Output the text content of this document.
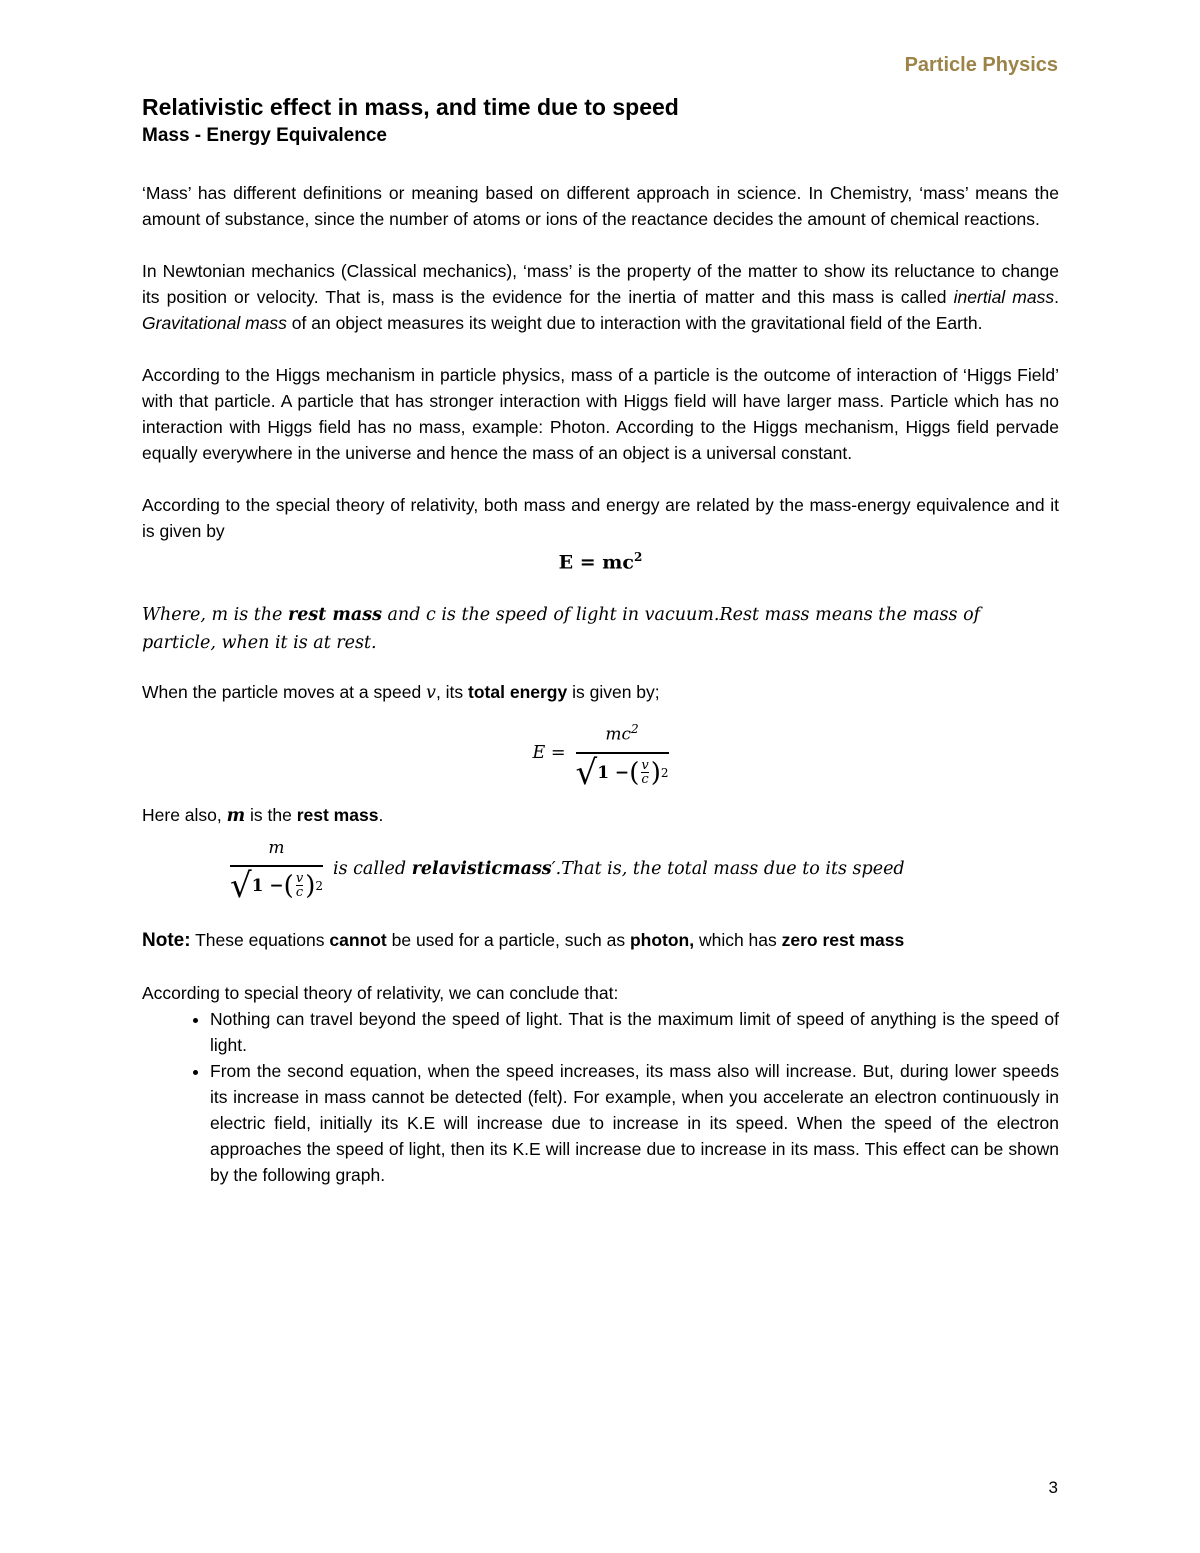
Particle Physics
Relativistic effect in mass, and time due to speed
Mass - Energy Equivalence

‘Mass’ has different definitions or meaning based on different approach in science. In Chemistry, ‘mass’ means the amount of substance, since the number of atoms or ions of the reactance decides the amount of chemical reactions.

In Newtonian mechanics (Classical mechanics), ‘mass’ is the property of the matter to show its reluctance to change its position or velocity. That is, mass is the evidence for the inertia of matter and this mass is called inertial mass. Gravitational mass of an object measures its weight due to interaction with the gravitational field of the Earth.

According to the Higgs mechanism in particle physics, mass of a particle is the outcome of interaction of ‘Higgs Field’ with that particle. A particle that has stronger interaction with Higgs field will have larger mass. Particle which has no interaction with Higgs field has no mass, example: Photon. According to the Higgs mechanism, Higgs field pervade equally everywhere in the universe and hence the mass of an object is a universal constant.

According to the special theory of relativity, both mass and energy are related by the mass-energy equivalence and it is given by

$E = mc^2$
Where, m is the rest mass and c is the speed of light in vacuum.Rest mass means the mass of particle, when it is at rest.

When the particle moves at a speed v, its total energy is given by;

$E = \frac{mc^2}{√ 1 - ( \frac{v}{c} ) 2}$

Here also, m is the rest mass.

$\frac{m}{√ 1 - ( \frac{v}{c} ) 2}$ is called relavisticmass′.That is, the total mass due to its speed

Note: These equations cannot be used for a particle, such as photon, which has zero rest mass

According to special theory of relativity, we can conclude that:

• Nothing can travel beyond the speed of light. That is the maximum limit of speed of anything is the speed of light.
• From the second equation, when the speed increases, its mass also will increase. But, during lower speeds its increase in mass cannot be detected (felt). For example, when you accelerate an electron continuously in electric field, initially its K.E will increase due to increase in its speed. When the speed of the electron approaches the speed of light, then its K.E will increase due to increase in its mass. This effect can be shown by the following graph.
3
